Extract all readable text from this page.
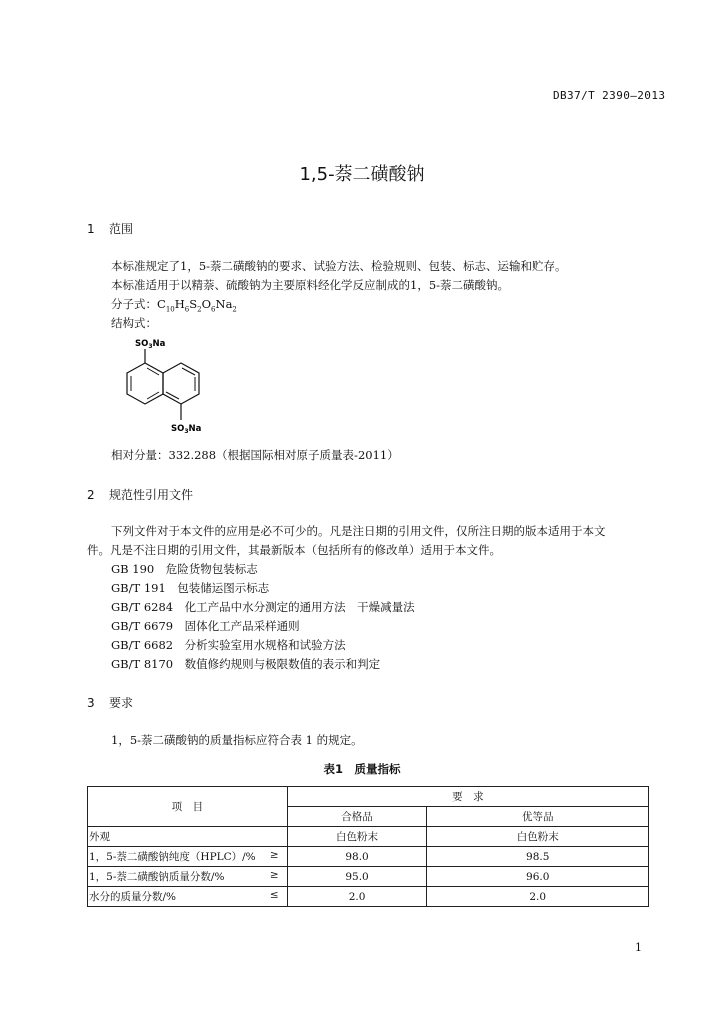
DB37/T 2390—2013
1,5-萘二磺酸钠
1 范围
本标准规定了1，5-萘二磺酸钠的要求、试验方法、检验规则、包装、标志、运输和贮存。
本标准适用于以精萘、硫酸钠为主要原料经化学反应制成的1，5-萘二磺酸钠。
分子式：$C_{10}H_6S_2O_6Na_2$
结构式：
$SO_3Na$
$SO_3Na$
相对分量：332.288（根据国际相对原子质量表-2011）
2 规范性引用文件
下列文件对于本文件的应用是必不可少的。凡是注日期的引用文件，仅所注日期的版本适用于本文
件。凡是不注日期的引用文件，其最新版本（包括所有的修改单）适用于本文件。
GB 190　危险货物包装标志
GB/T 191　包装储运图示标志
GB/T 6284　化工产品中水分测定的通用方法　干燥减量法
GB/T 6679　固体化工产品采样通则
GB/T 6682　分析实验室用水规格和试验方法
GB/T 8170　数值修约规则与极限数值的表示和判定
3 要求
1，5-萘二磺酸钠的质量指标应符合表 1 的规定。
表1　质量指标
项　目	要　求	
	合格品	优等品
外观	白色粉末	白色粉末
1，5-萘二磺酸钠纯度（HPLC）/% ≥	98.0	98.5
1，5-萘二磺酸钠质量分数/% ≥	95.0	96.0
水分的质量分数/% ≤	2.0	2.0
1
